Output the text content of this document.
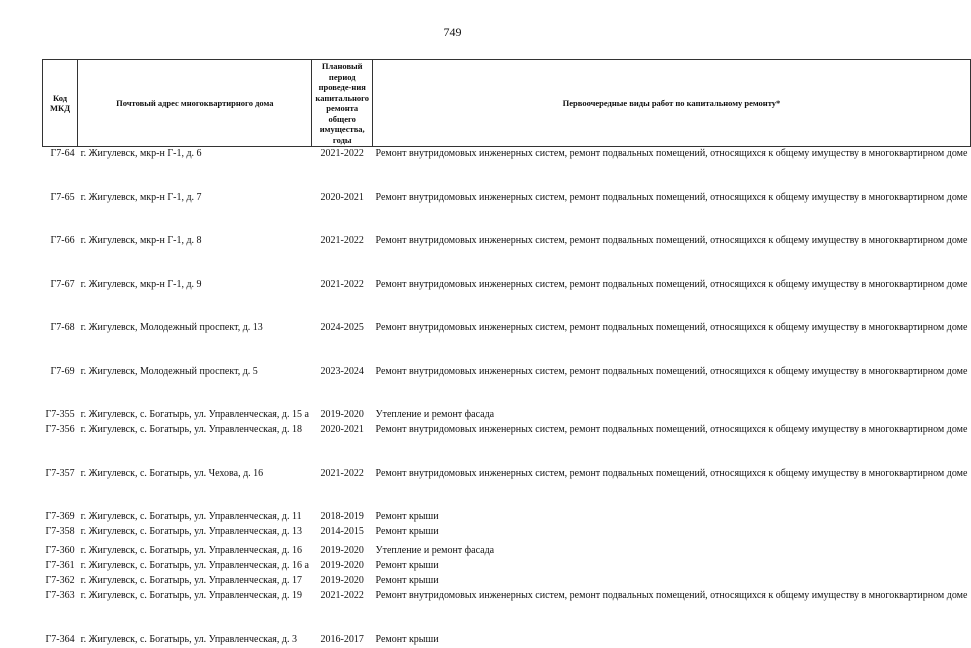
749
Код МКД	Почтовый адрес многоквартирного дома	Плановый период проведе-ния капитального ремонта общего имущества, годы	Первоочередные виды работ по капитальному ремонту*
Г7-64	г. Жигулевск, мкр-н Г-1, д. 6	2021-2022	Ремонт внутридомовых инженерных систем, ремонт подвальных помещений, относящихся к общему имуществу в многоквартирном доме
Г7-65	г. Жигулевск, мкр-н Г-1, д. 7	2020-2021	Ремонт внутридомовых инженерных систем, ремонт подвальных помещений, относящихся к общему имуществу в многоквартирном доме
Г7-66	г. Жигулевск, мкр-н Г-1, д. 8	2021-2022	Ремонт внутридомовых инженерных систем, ремонт подвальных помещений, относящихся к общему имуществу в многоквартирном доме
Г7-67	г. Жигулевск, мкр-н Г-1, д. 9	2021-2022	Ремонт внутридомовых инженерных систем, ремонт подвальных помещений, относящихся к общему имуществу в многоквартирном доме
Г7-68	г. Жигулевск, Молодежный проспект, д. 13	2024-2025	Ремонт внутридомовых инженерных систем, ремонт подвальных помещений, относящихся к общему имуществу в многоквартирном доме
Г7-69	г. Жигулевск, Молодежный проспект, д. 5	2023-2024	Ремонт внутридомовых инженерных систем, ремонт подвальных помещений, относящихся к общему имуществу в многоквартирном доме
Г7-355	г. Жигулевск, с. Богатырь, ул. Управленческая, д. 15 а	2019-2020	Утепление и ремонт фасада
Г7-356	г. Жигулевск, с. Богатырь, ул. Управленческая, д. 18	2020-2021	Ремонт внутридомовых инженерных систем, ремонт подвальных помещений, относящихся к общему имуществу в многоквартирном доме
Г7-357	г. Жигулевск, с. Богатырь, ул. Чехова, д. 16	2021-2022	Ремонт внутридомовых инженерных систем, ремонт подвальных помещений, относящихся к общему имуществу в многоквартирном доме
Г7-369	г. Жигулевск, с. Богатырь, ул. Управленческая, д. 11	2018-2019	Ремонт крыши
Г7-358	г. Жигулевск, с. Богатырь, ул. Управленческая, д. 13	2014-2015	Ремонт крыши

Г7-360	г. Жигулевск, с. Богатырь, ул. Управленческая, д. 16	2019-2020	Утепление и ремонт фасада
Г7-361	г. Жигулевск, с. Богатырь, ул. Управленческая, д. 16 а	2019-2020	Ремонт крыши
Г7-362	г. Жигулевск, с. Богатырь, ул. Управленческая, д. 17	2019-2020	Ремонт крыши
Г7-363	г. Жигулевск, с. Богатырь, ул. Управленческая, д. 19	2021-2022	Ремонт внутридомовых инженерных систем, ремонт подвальных помещений, относящихся к общему имуществу в многоквартирном доме
Г7-364	г. Жигулевск, с. Богатырь, ул. Управленческая, д. 3	2016-2017	Ремонт крыши
